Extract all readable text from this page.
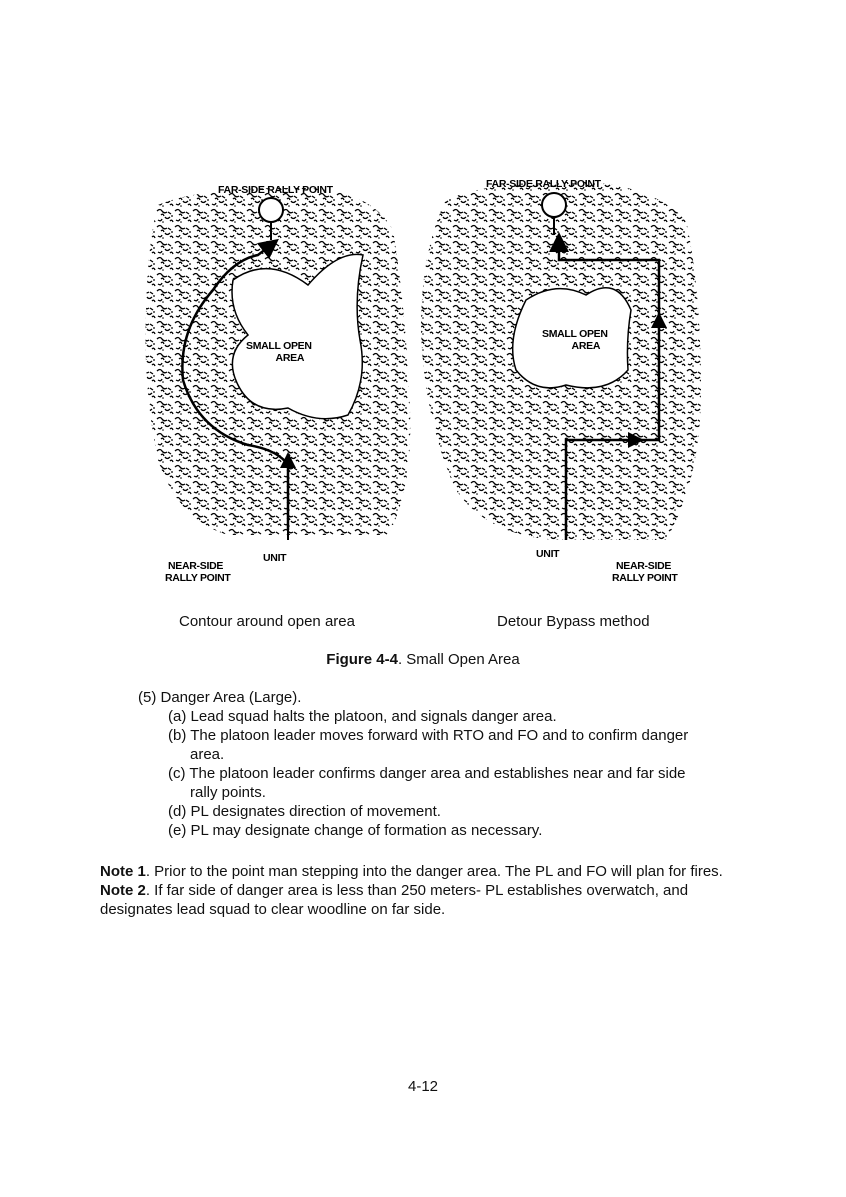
FAR-SIDE RALLY POINT
SMALL OPEN
AREA
UNIT
NEAR-SIDE
RALLY POINT
FAR-SIDE RALLY POINT
SMALL OPEN
AREA
UNIT
NEAR-SIDE
RALLY POINT
Contour around open area	Detour Bypass method
Figure 4-4. Small Open Area
(5) Danger Area (Large).
(a) Lead squad halts the platoon, and signals danger area.
(b) The platoon leader moves forward with RTO and FO and to confirm danger
area.
(c) The platoon leader confirms danger area and establishes near and far side
rally points.
(d) PL designates direction of movement.
(e) PL may designate change of formation as necessary.
Note 1. Prior to the point man stepping into the danger area. The PL and FO will plan for fires.
Note 2. If far side of danger area is less than 250 meters- PL establishes overwatch, and designates lead squad to clear woodline on far side.
4-12
